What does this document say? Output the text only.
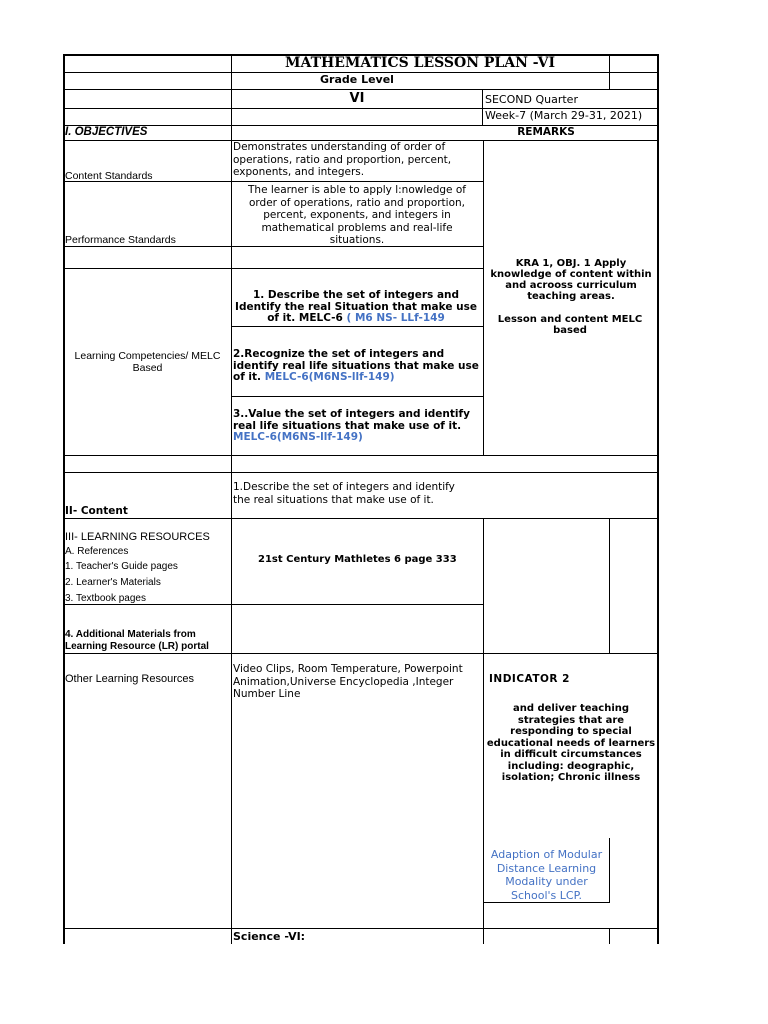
MATHEMATICS LESSON PLAN -VI
Grade Level
VI	SECOND Quarter
Week-7 (March 29-31, 2021)
I. OBJECTIVES	REMARKS
Content Standards
Demonstrates understanding of order of operations, ratio and proportion, percent, exponents, and integers.
Performance Standards
The learner is able to apply l:nowledge of order of operations, ratio and proportion, percent, exponents, and integers in mathematical problems and real-life situations.
Learning Competencies/ MELC Based
1. Describe the set of integers and Identify the real Situation that make use of it. MELC-6 ( M6 NS- LLf-149
2.Recognize the set of integers and identify real life situations that make use of it. MELC-6(M6NS-llf-149)
3..Value the set of integers and identify real life situations that make use of it. MELC-6(M6NS-llf-149)
KRA 1, OBJ. 1 Apply knowledge of content within and acrooss curriculum teaching areas.
Lesson and content MELC based
II- Content
1.Describe the set of integers and identify the real situations that make use of it.
III- LEARNING RESOURCES
A. References
1. Teacher's Guide pages
2. Learner's Materials
3. Textbook pages
21st Century Mathletes 6 page 333
4. Additional Materials from Learning Resource (LR) portal
Other Learning Resources
Video Clips, Room Temperature, Powerpoint Animation,Universe Encyclopedia ,Integer Number Line
INDICATOR 2
and deliver teaching strategies that are responding to special educational needs of learners in difficult circumstances including: deographic, isolation; Chronic illness
Adaption of Modular Distance Learning Modality under School's LCP.
Science -VI:
